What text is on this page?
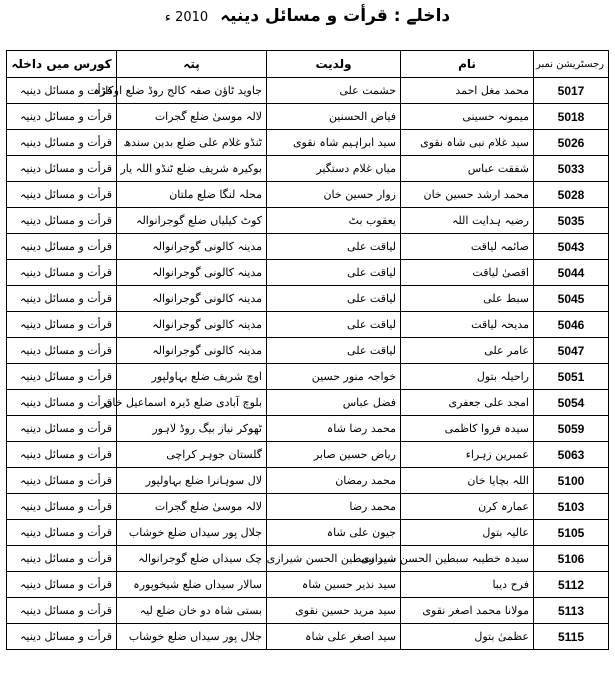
داخلے : قرأت و مسائل دینیہ 2010 ء
رجسٹریشن نمبر	نام	ولدیت	پتہ	کورس میں داخلہ
5017	محمد مغل احمد	حشمت علی	جاوید ٹاؤن صفہ کالج روڈ ضلع اوکاڑہ	قرأت و مسائل دینیہ
5018	میمونہ حسینی	فیاض الحسنین	لالہ موسیٰ ضلع گجرات	قرأت و مسائل دینیہ
5026	سید غلام نبی شاہ نقوی	سید ابراہیم شاہ نقوی	ٹنڈو غلام علی ضلع بدین سندھ	قرأت و مسائل دینیہ
5033	شفقت عباس	میاں غلام دستگیر	بوکیرہ شریف ضلع ٹنڈو اللہ یار	قرأت و مسائل دینیہ
5028	محمد ارشد حسین خان	زوار حسین خان	محلہ لنگا ضلع ملتان	قرأت و مسائل دینیہ
5035	رضیہ ہدایت اللہ	یعقوب بٹ	کوٹ کیلیاں ضلع گوجرانوالہ	قرأت و مسائل دینیہ
5043	صائمہ لیاقت	لیاقت علی	مدینہ کالونی گوجرانوالہ	قرأت و مسائل دینیہ
5044	اقصیٰ لیاقت	لیاقت علی	مدینہ کالونی گوجرانوالہ	قرأت و مسائل دینیہ
5045	سبط علی	لیاقت علی	مدینہ کالونی گوجرانوالہ	قرأت و مسائل دینیہ
5046	مدیحہ لیاقت	لیاقت علی	مدینہ کالونی گوجرانوالہ	قرأت و مسائل دینیہ
5047	عامر علی	لیاقت علی	مدینہ کالونی گوجرانوالہ	قرأت و مسائل دینیہ
5051	راحیلہ بتول	خواجہ منور حسین	اوچ شریف ضلع بہاولپور	قرأت و مسائل دینیہ
5054	امجد علی جعفری	فضل عباس	بلوچ آبادی ضلع ڈیرہ اسماعیل خان	قرأت و مسائل دینیہ
5059	سیدہ فروا کاظمی	محمد رضا شاہ	ٹھوکر نیاز بیگ روڈ لاہور	قرأت و مسائل دینیہ
5063	عمبرین زہراء	ریاض حسین صابر	گلستان جوہر کراچی	قرأت و مسائل دینیہ
5100	اللہ بچایا خان	محمد رمضان	لال سوہانرا ضلع بہاولپور	قرأت و مسائل دینیہ
5103	عمارہ کرن	محمد رضا	لالہ موسیٰ ضلع گجرات	قرأت و مسائل دینیہ
5105	عالیہ بتول	جیون علی شاہ	جلال پور سیداں ضلع خوشاب	قرأت و مسائل دینیہ
5106	سیدہ خطیبہ سبطین الحسن شیرازی	سید سبطین الحسن شیرازی	چک سیداں ضلع گوجرانوالہ	قرأت و مسائل دینیہ
5112	فرح دیبا	سید نذیر حسین شاہ	سالار سیداں ضلع شیخوپورہ	قرأت و مسائل دینیہ
5113	مولانا محمد اصغر نقوی	سید مرید حسین نقوی	بستی شاہ دو خان ضلع لیہ	قرأت و مسائل دینیہ
5115	عظمیٰ بتول	سید اصغر علی شاہ	جلال پور سیداں ضلع خوشاب	قرأت و مسائل دینیہ
